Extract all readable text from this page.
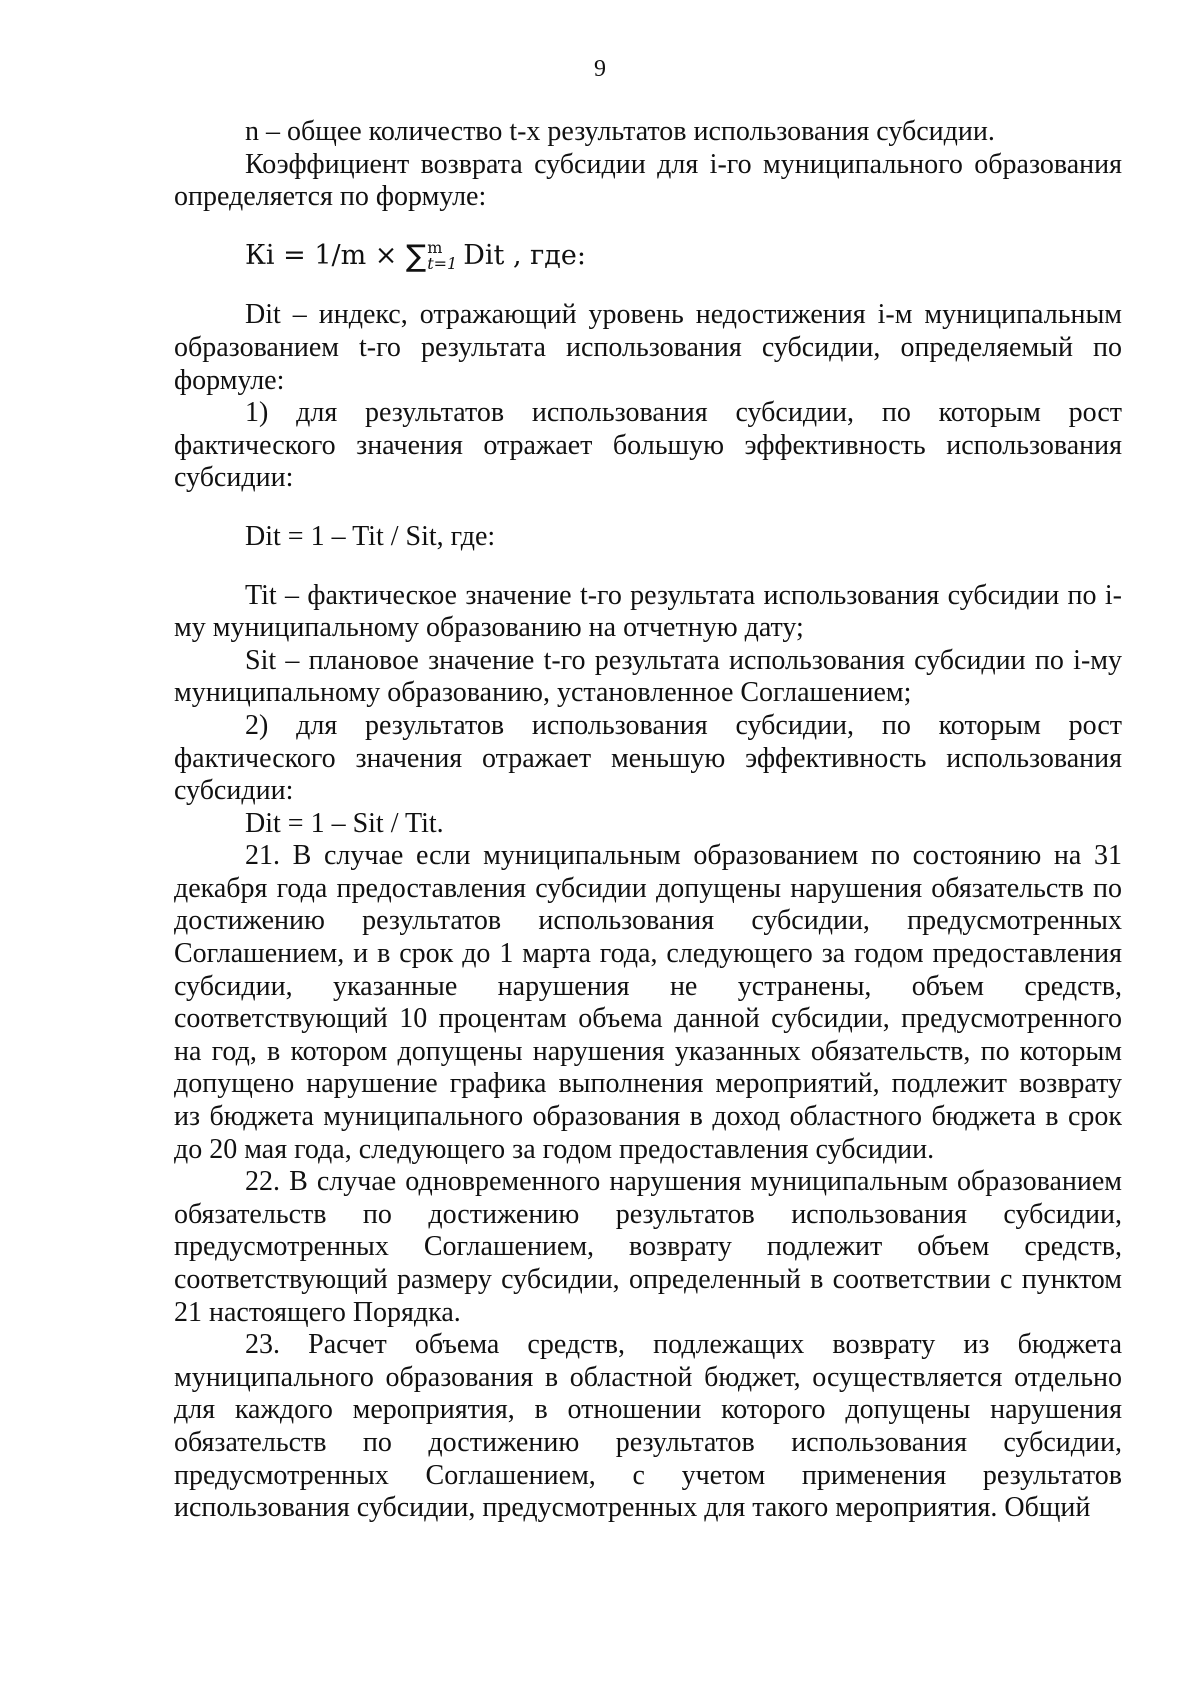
9

n – общее количество t-х результатов использования субсидии.

Коэффициент возврата субсидии для i-го муниципального образования определяется по формуле:

Кi = 1/m × ∑ m
t=1 Dit , где:

Dit – индекс, отражающий уровень недостижения i-м муниципальным образованием t-го результата использования субсидии, определяемый по формуле:

1) для результатов использования субсидии, по которым рост фактического значения отражает большую эффективность использования субсидии:

Dit = 1 – Tit / Sit, где:

Tit – фактическое значение t-го результата использования субсидии по i-му муниципальному образованию на отчетную дату;

Sit – плановое значение t-го результата использования субсидии по i-му муниципальному образованию, установленное Соглашением;

2) для результатов использования субсидии, по которым рост фактического значения отражает меньшую эффективность использования субсидии:

Dit = 1 – Sit / Tit.

21. В случае если муниципальным образованием по состоянию на 31 декабря года предоставления субсидии допущены нарушения обязательств по достижению результатов использования субсидии, предусмотренных Соглашением, и в срок до 1 марта года, следующего за годом предоставления субсидии, указанные нарушения не устранены, объем средств, соответствующий 10 процентам объема данной субсидии, предусмотренного на год, в котором допущены нарушения указанных обязательств, по которым допущено нарушение графика выполнения мероприятий, подлежит возврату из бюджета муниципального образования в доход областного бюджета в срок до 20 мая года, следующего за годом предоставления субсидии.

22. В случае одновременного нарушения муниципальным образованием обязательств по достижению результатов использования субсидии, предусмотренных Соглашением, возврату подлежит объем средств, соответствующий размеру субсидии, определенный в соответствии с пунктом 21 настоящего Порядка.

23. Расчет объема средств, подлежащих возврату из бюджета муниципального образования в областной бюджет, осуществляется отдельно для каждого мероприятия, в отношении которого допущены нарушения обязательств по достижению результатов использования субсидии, предусмотренных Соглашением, с учетом применения результатов использования субсидии, предусмотренных для такого мероприятия. Общий
